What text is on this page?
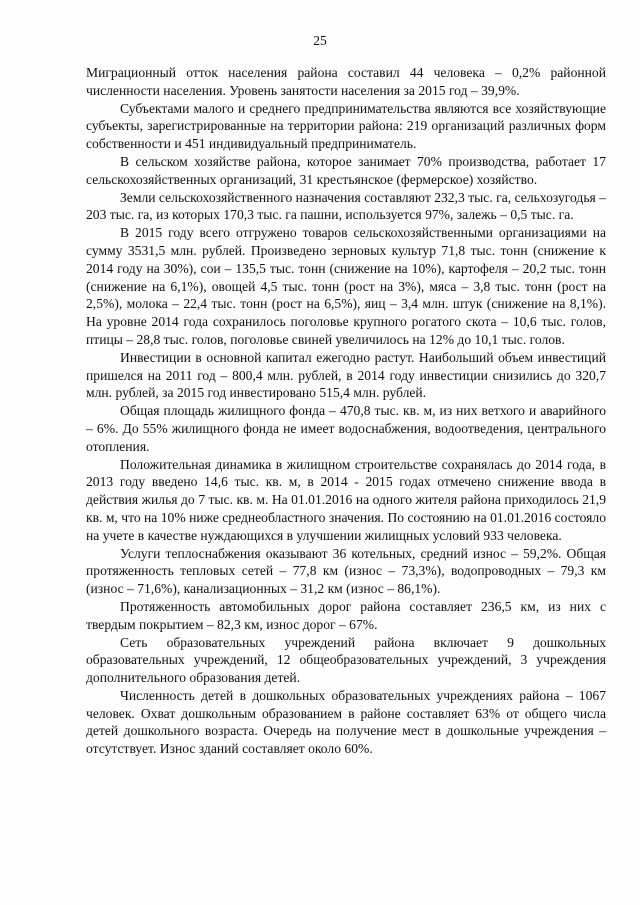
25

Миграционный отток населения района составил 44 человека – 0,2% районной численности населения. Уровень занятости населения за 2015 год – 39,9%.

Субъектами малого и среднего предпринимательства являются все хозяйствующие субъекты, зарегистрированные на территории района: 219 организаций различных форм собственности и 451 индивидуальный предприниматель.

В сельском хозяйстве района, которое занимает 70% производства, работает 17 сельскохозяйственных организаций, 31 крестьянское (фермерское) хозяйство.

Земли сельскохозяйственного назначения составляют 232,3 тыс. га, сельхозугодья – 203 тыс. га, из которых 170,3 тыс. га пашни, используется 97%, залежь – 0,5 тыс. га.

В 2015 году всего отгружено товаров сельскохозяйственными организациями на сумму 3531,5 млн. рублей. Произведено зерновых культур 71,8 тыс. тонн (снижение к 2014 году на 30%), сои – 135,5 тыс. тонн (снижение на 10%), картофеля – 20,2 тыс. тонн (снижение на 6,1%), овощей 4,5 тыс. тонн (рост на 3%), мяса – 3,8 тыс. тонн (рост на 2,5%), молока – 22,4 тыс. тонн (рост на 6,5%), яиц – 3,4 млн. штук (снижение на 8,1%). На уровне 2014 года сохранилось поголовье крупного рогатого скота – 10,6 тыс. голов, птицы – 28,8 тыс. голов, поголовье свиней увеличилось на 12% до 10,1 тыс. голов.

Инвестиции в основной капитал ежегодно растут. Наибольший объем инвестиций пришелся на 2011 год – 800,4 млн. рублей, в 2014 году инвестиции снизились до 320,7 млн. рублей, за 2015 год инвестировано 515,4 млн. рублей.

Общая площадь жилищного фонда – 470,8 тыс. кв. м, из них ветхого и аварийного – 6%. До 55% жилищного фонда не имеет водоснабжения, водоотведения, центрального отопления.

Положительная динамика в жилищном строительстве сохранялась до 2014 года, в 2013 году введено 14,6 тыс. кв. м, в 2014 - 2015 годах отмечено снижение ввода в действия жилья до 7 тыс. кв. м. На 01.01.2016 на одного жителя района приходилось 21,9 кв. м, что на 10% ниже среднеобластного значения. По состоянию на 01.01.2016 состояло на учете в качестве нуждающихся в улучшении жилищных условий 933 человека.

Услуги теплоснабжения оказывают 36 котельных, средний износ – 59,2%. Общая протяженность тепловых сетей – 77,8 км (износ – 73,3%), водопроводных – 79,3 км (износ – 71,6%), канализационных – 31,2 км (износ – 86,1%).

Протяженность автомобильных дорог района составляет 236,5 км, из них с твердым покрытием – 82,3 км, износ дорог – 67%.

Сеть образовательных учреждений района включает 9 дошкольных образовательных учреждений, 12 общеобразовательных учреждений, 3 учреждения дополнительного образования детей.

Численность детей в дошкольных образовательных учреждениях района – 1067 человек. Охват дошкольным образованием в районе составляет 63% от общего числа детей дошкольного возраста. Очередь на получение мест в дошкольные учреждения – отсутствует. Износ зданий составляет около 60%.
